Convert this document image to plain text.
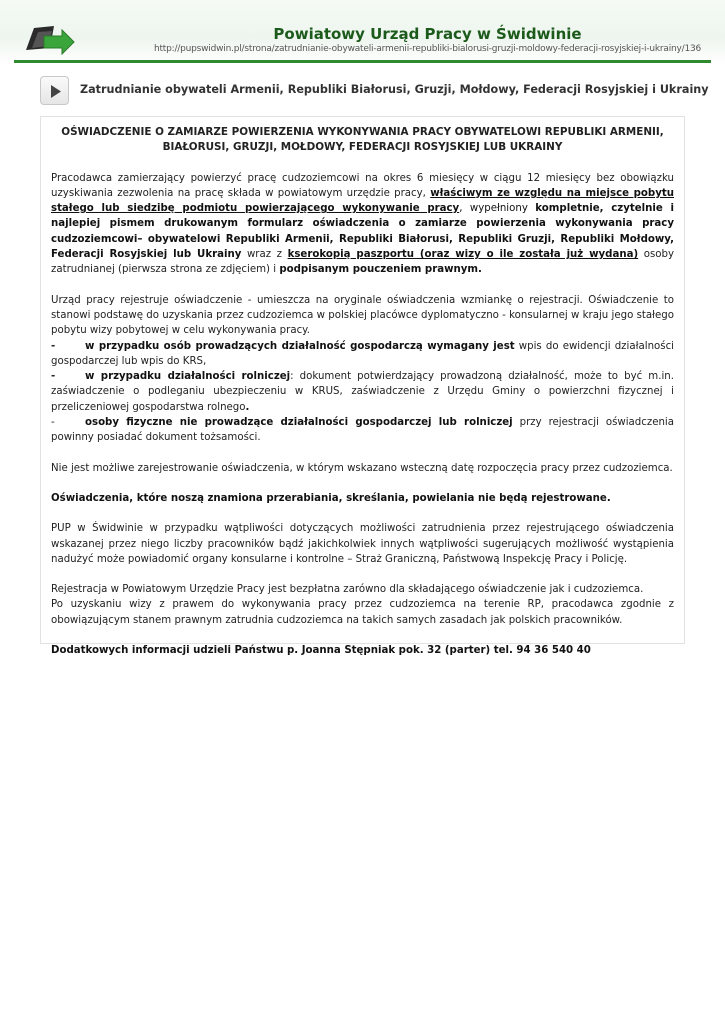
Powiatowy Urząd Pracy w Świdwinie
http://pupswidwin.pl/strona/zatrudnianie-obywateli-armenii-republiki-bialorusi-gruzji-moldowy-federacji-rosyjskiej-i-ukrainy/136
Zatrudnianie obywateli Armenii, Republiki Białorusi, Gruzji, Mołdowy, Federacji Rosyjskiej i Ukrainy

OŚWIADCZENIE O ZAMIARZE POWIERZENIA WYKONYWANIA PRACY OBYWATELOWI REPUBLIKI ARMENII,
BIAŁORUSI, GRUZJI, MOŁDOWY, FEDERACJI ROSYJSKIEJ LUB UKRAINY

Pracodawca zamierzający powierzyć pracę cudzoziemcowi na okres 6 miesięcy w ciągu 12 miesięcy bez obowiązku uzyskiwania zezwolenia na pracę składa w powiatowym urzędzie pracy, właściwym ze względu na miejsce pobytu stałego lub siedzibę podmiotu powierzającego wykonywanie pracy, wypełniony kompletnie, czytelnie i najlepiej pismem drukowanym formularz oświadczenia o zamiarze powierzenia wykonywania pracy cudzoziemcowi– obywatelowi Republiki Armenii, Republiki Białorusi, Republiki Gruzji, Republiki Mołdowy, Federacji Rosyjskiej lub Ukrainy wraz z kserokopią paszportu (oraz wizy o ile została już wydana) osoby zatrudnianej (pierwsza strona ze zdjęciem) i podpisanym pouczeniem prawnym.

Urząd pracy rejestruje oświadczenie - umieszcza na oryginale oświadczenia wzmiankę o rejestracji. Oświadczenie to stanowi podstawę do uzyskania przez cudzoziemca w polskiej placówce dyplomatyczno - konsularnej w kraju jego stałego pobytu wizy pobytowej w celu wykonywania pracy.

-	w przypadku osób prowadzących działalność gospodarczą wymagany jest wpis do ewidencji działalności gospodarczej lub wpis do KRS,

-	w przypadku działalności rolniczej: dokument potwierdzający prowadzoną działalność, może to być m.in. zaświadczenie o podleganiu ubezpieczeniu w KRUS, zaświadczenie z Urzędu Gminy o powierzchni fizycznej i przeliczeniowej gospodarstwa rolnego.

-	osoby fizyczne nie prowadzące działalności gospodarczej lub rolniczej przy rejestracji oświadczenia powinny posiadać dokument tożsamości.

Nie jest możliwe zarejestrowanie oświadczenia, w którym wskazano wsteczną datę rozpoczęcia pracy przez cudzoziemca.

Oświadczenia, które noszą znamiona przerabiania, skreślania, powielania nie będą rejestrowane.

PUP w Świdwinie w przypadku wątpliwości dotyczących możliwości zatrudnienia przez rejestrującego oświadczenia wskazanej przez niego liczby pracowników bądź jakichkolwiek innych wątpliwości sugerujących możliwość wystąpienia nadużyć może powiadomić organy konsularne i kontrolne – Straż Graniczną, Państwową Inspekcję Pracy i Policję.

Rejestracja w Powiatowym Urzędzie Pracy jest bezpłatna zarówno dla składającego oświadczenie jak i cudzoziemca.

Po uzyskaniu wizy z prawem do wykonywania pracy przez cudzoziemca na terenie RP, pracodawca zgodnie z obowiązującym stanem prawnym zatrudnia cudzoziemca na takich samych zasadach jak polskich pracowników.

Dodatkowych informacji udzieli Państwu p. Joanna Stępniak pok. 32 (parter) tel. 94 36 540 40
